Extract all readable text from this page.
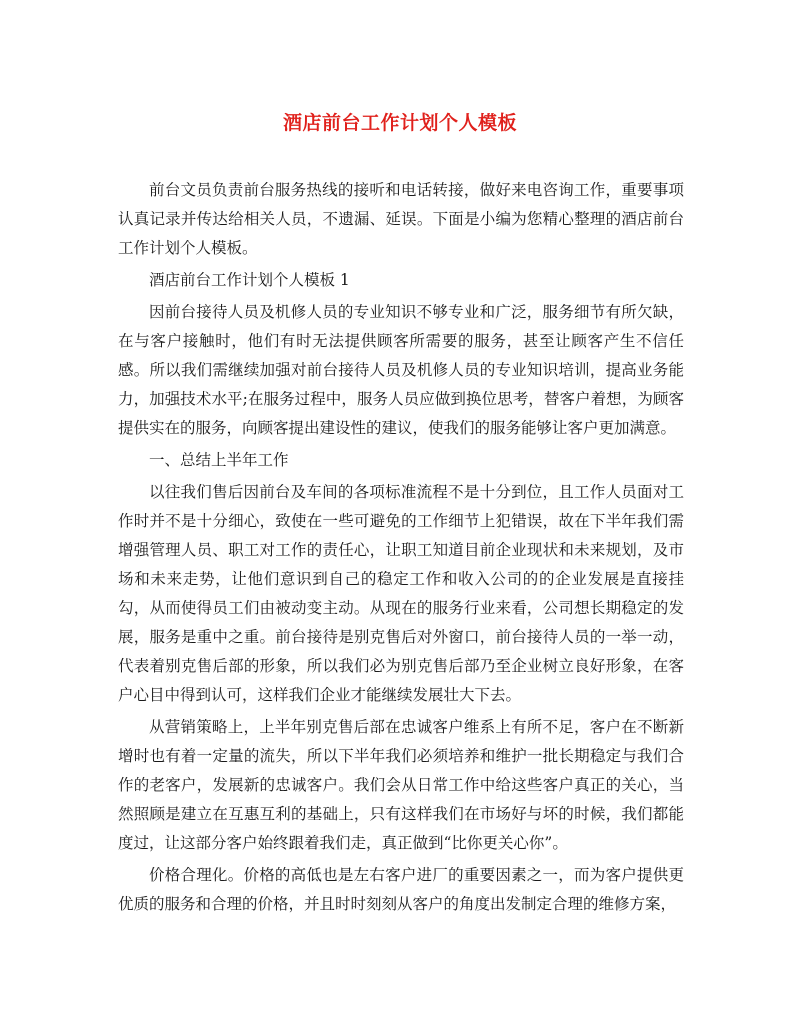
酒店前台工作计划个人模板

前台文员负责前台服务热线的接听和电话转接，做好来电咨询工作，重要事项认真记录并传达给相关人员，不遗漏、延误。下面是小编为您精心整理的酒店前台工作计划个人模板。

酒店前台工作计划个人模板 1

因前台接待人员及机修人员的专业知识不够专业和广泛，服务细节有所欠缺，在与客户接触时，他们有时无法提供顾客所需要的服务，甚至让顾客产生不信任感。所以我们需继续加强对前台接待人员及机修人员的专业知识培训，提高业务能力，加强技术水平;在服务过程中，服务人员应做到换位思考，替客户着想，为顾客提供实在的服务，向顾客提出建设性的建议，使我们的服务能够让客户更加满意。

一、总结上半年工作

以往我们售后因前台及车间的各项标准流程不是十分到位，且工作人员面对工作时并不是十分细心，致使在一些可避免的工作细节上犯错误，故在下半年我们需增强管理人员、职工对工作的责任心，让职工知道目前企业现状和未来规划，及市场和未来走势，让他们意识到自己的稳定工作和收入公司的的企业发展是直接挂勾，从而使得员工们由被动变主动。从现在的服务行业来看，公司想长期稳定的发展，服务是重中之重。前台接待是别克售后对外窗口，前台接待人员的一举一动，代表着别克售后部的形象，所以我们必为别克售后部乃至企业树立良好形象，在客户心目中得到认可，这样我们企业才能继续发展壮大下去。

从营销策略上，上半年别克售后部在忠诚客户维系上有所不足，客户在不断新增时也有着一定量的流失，所以下半年我们必须培养和维护一批长期稳定与我们合作的老客户，发展新的忠诚客户。我们会从日常工作中给这些客户真正的关心，当然照顾是建立在互惠互利的基础上，只有这样我们在市场好与坏的时候，我们都能度过，让这部分客户始终跟着我们走，真正做到“比你更关心你”。

价格合理化。价格的高低也是左右客户进厂的重要因素之一，而为客户提供更优质的服务和合理的价格，并且时时刻刻从客户的角度出发制定合理的维修方案，
